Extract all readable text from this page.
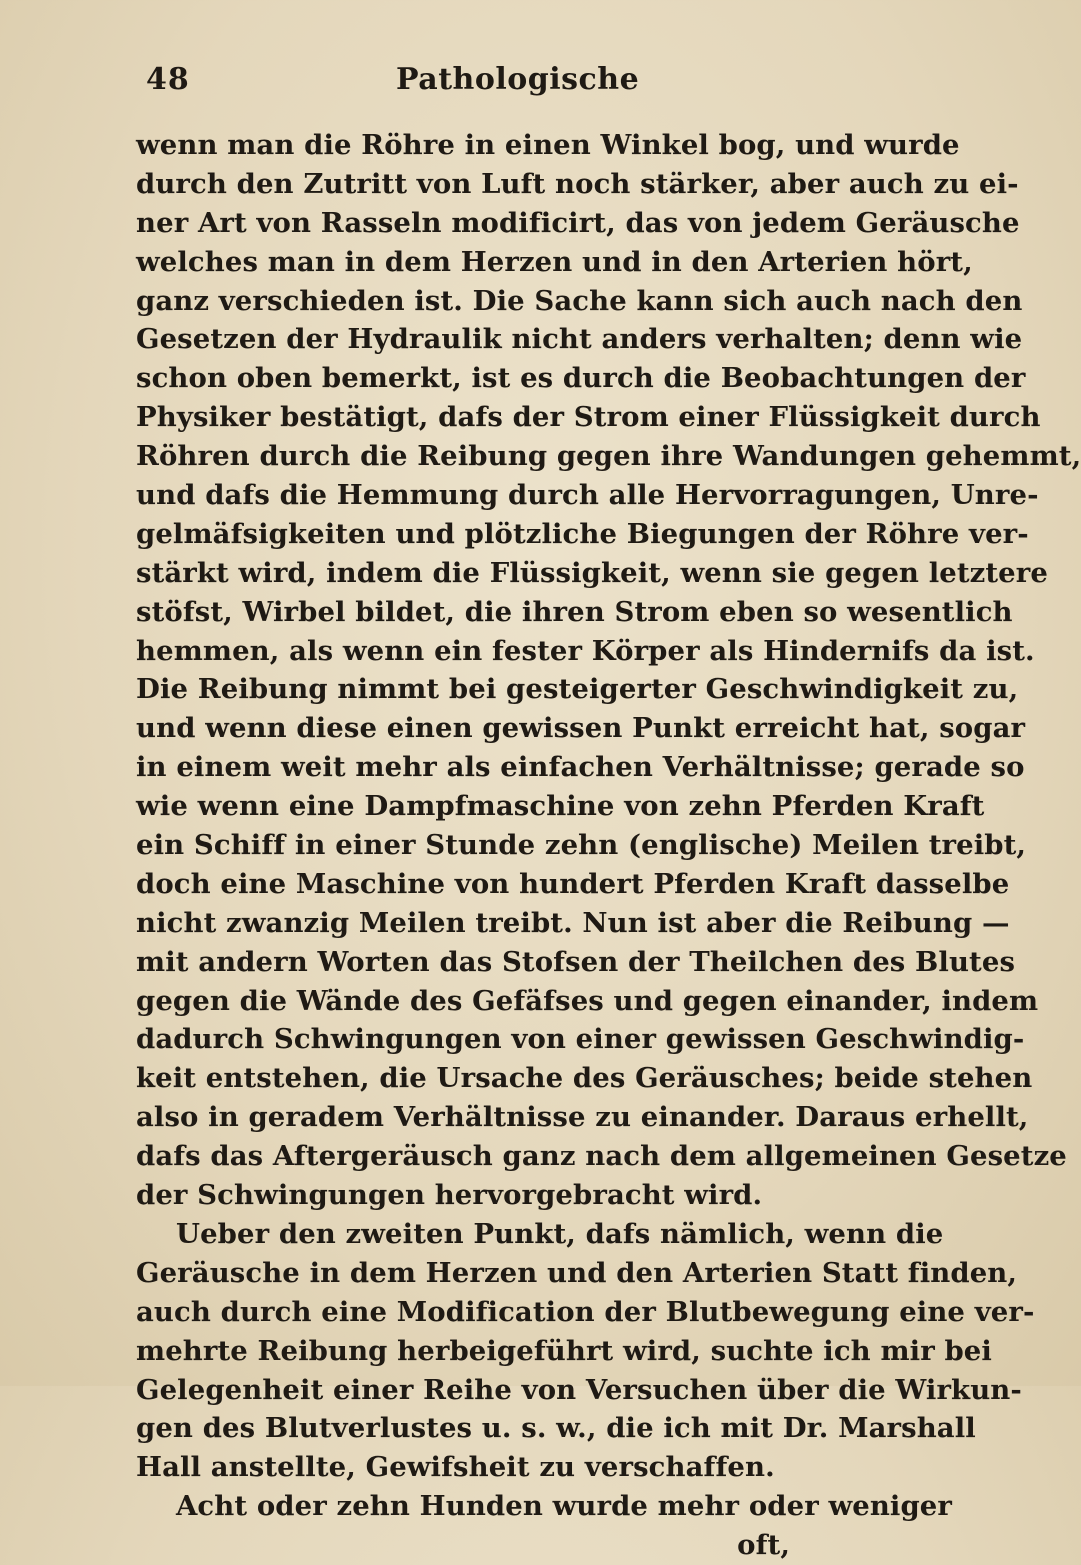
48	Pathologische
wenn man die Röhre in einen Winkel bog, und wurde
durch den Zutritt von Luft noch stärker, aber auch zu ei-
ner Art von Rasseln modificirt, das von jedem Geräusche
welches man in dem Herzen und in den Arterien hört,
ganz verschieden ist. Die Sache kann sich auch nach den
Gesetzen der Hydraulik nicht anders verhalten; denn wie
schon oben bemerkt, ist es durch die Beobachtungen der
Physiker bestätigt, dafs der Strom einer Flüssigkeit durch
Röhren durch die Reibung gegen ihre Wandungen gehemmt,
und dafs die Hemmung durch alle Hervorragungen, Unre-
gelmäfsigkeiten und plötzliche Biegungen der Röhre ver-
stärkt wird, indem die Flüssigkeit, wenn sie gegen letztere
stöfst, Wirbel bildet, die ihren Strom eben so wesentlich
hemmen, als wenn ein fester Körper als Hindernifs da ist.
Die Reibung nimmt bei gesteigerter Geschwindigkeit zu,
und wenn diese einen gewissen Punkt erreicht hat, sogar
in einem weit mehr als einfachen Verhältnisse; gerade so
wie wenn eine Dampfmaschine von zehn Pferden Kraft
ein Schiff in einer Stunde zehn (englische) Meilen treibt,
doch eine Maschine von hundert Pferden Kraft dasselbe
nicht zwanzig Meilen treibt. Nun ist aber die Reibung —
mit andern Worten das Stofsen der Theilchen des Blutes
gegen die Wände des Gefäfses und gegen einander, indem
dadurch Schwingungen von einer gewissen Geschwindig-
keit entstehen, die Ursache des Geräusches; beide stehen
also in geradem Verhältnisse zu einander. Daraus erhellt,
dafs das Aftergeräusch ganz nach dem allgemeinen Gesetze
der Schwingungen hervorgebracht wird.
Ueber den zweiten Punkt, dafs nämlich, wenn die
Geräusche in dem Herzen und den Arterien Statt finden,
auch durch eine Modification der Blutbewegung eine ver-
mehrte Reibung herbeigeführt wird, suchte ich mir bei
Gelegenheit einer Reihe von Versuchen über die Wirkun-
gen des Blutverlustes u. s. w., die ich mit Dr. Marshall
Hall anstellte, Gewifsheit zu verschaffen.
Acht oder zehn Hunden wurde mehr oder weniger
oft,
